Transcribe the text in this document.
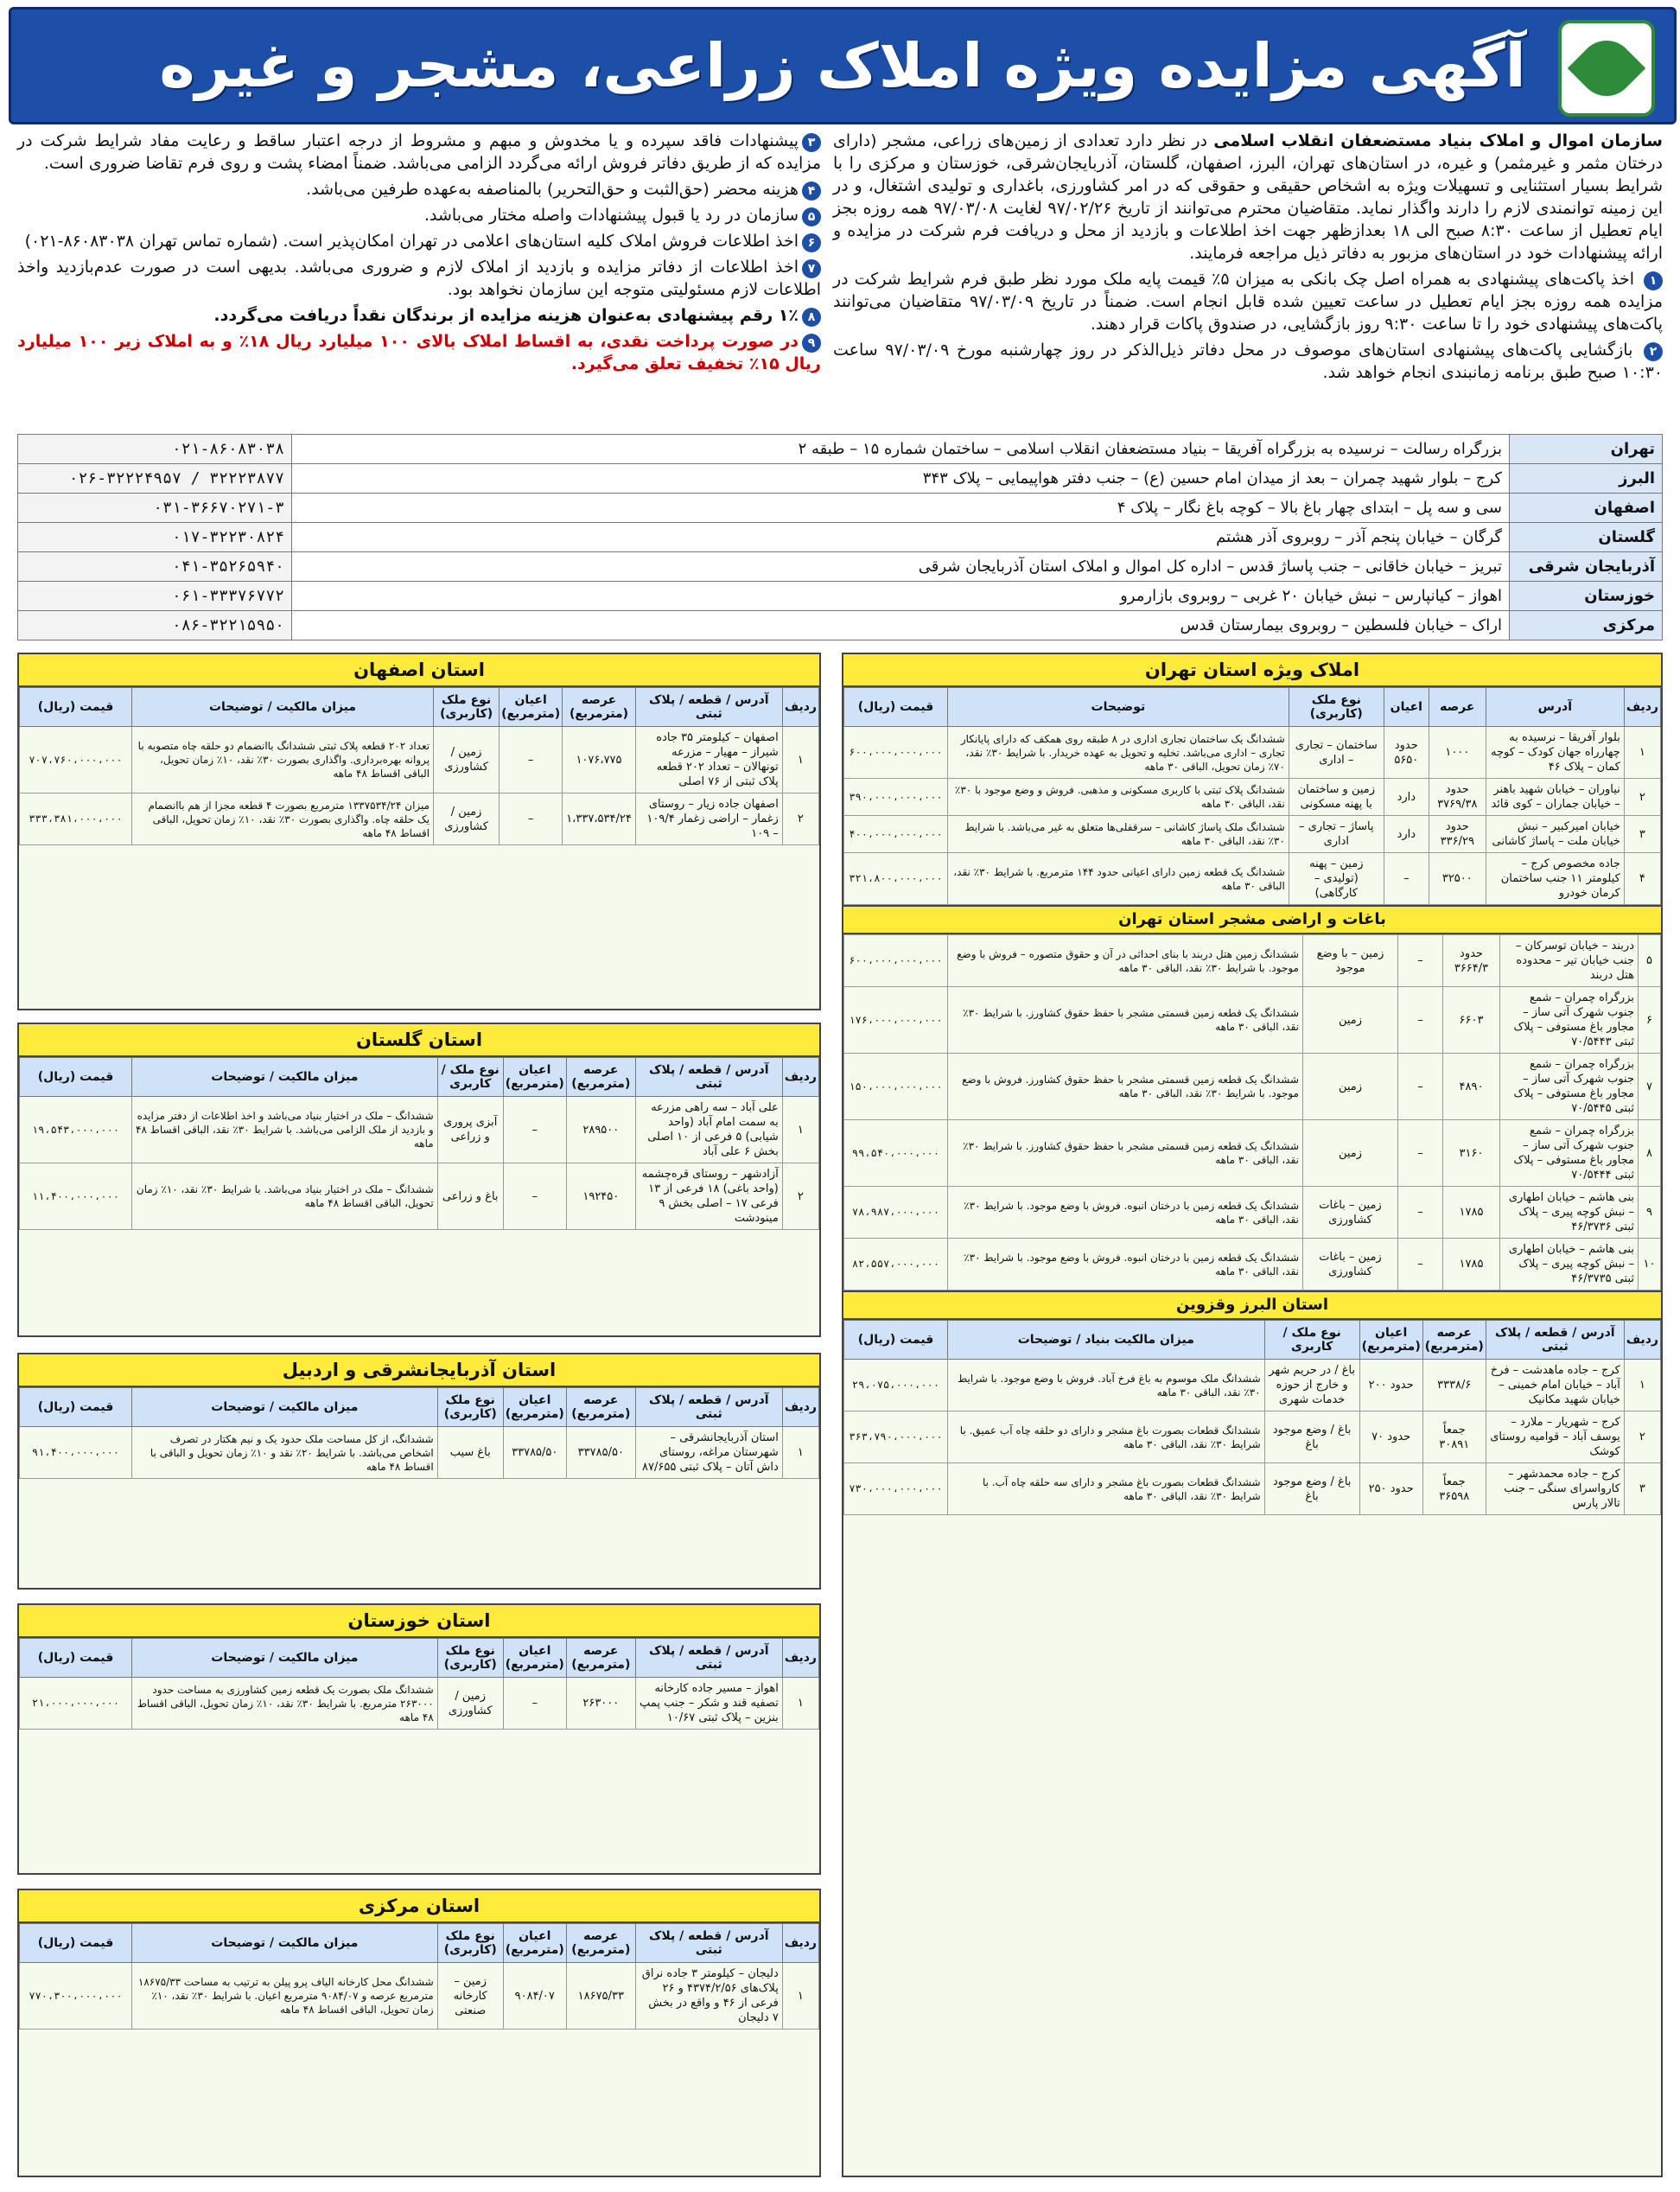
آگهی مزایده ویژه املاک زراعی، مشجر و غیره

سازمان اموال و املاک بنیاد مستضعفان انقلاب اسلامی در نظر دارد تعدادی از زمین‌های زراعی، مشجر (دارای درختان مثمر و غیرمثمر) و غیره، در استان‌های تهران، البرز، اصفهان، گلستان، آذربایجان‌شرقی، خوزستان و مرکزی را با شرایط بسیار استثنایی و تسهیلات ویژه به اشخاص حقیقی و حقوقی که در امر کشاورزی، باغداری و تولیدی اشتغال، و در این زمینه توانمندی لازم را دارند واگذار نماید. متقاضیان محترم می‌توانند از تاریخ ۹۷/۰۲/۲۶ لغایت ۹۷/۰۳/۰۸ همه روزه بجز ایام تعطیل از ساعت ۸:۳۰ صبح الی ۱۸ بعدازظهر جهت اخذ اطلاعات و بازدید از محل و دریافت فرم شرکت در مزایده و ارائه پیشنهادات خود در استان‌های مزبور به دفاتر ذیل مراجعه فرمایند.

۱ اخذ پاکت‌های پیشنهادی به همراه اصل چک بانکی به میزان ۵٪ قیمت پایه ملک مورد نظر طبق فرم شرایط شرکت در مزایده همه روزه بجز ایام تعطیل در ساعت تعیین شده قابل انجام است. ضمناً در تاریخ ۹۷/۰۳/۰۹ متقاضیان می‌توانند پاکت‌های پیشنهادی خود را تا ساعت ۹:۳۰ روز بازگشایی، در صندوق پاکات قرار دهند.

۲ بازگشایی پاکت‌های پیشنهادی استان‌های موصوف در محل دفاتر ذیل‌الذکر در روز چهارشنبه مورخ ۹۷/۰۳/۰۹ ساعت ۱۰:۳۰ صبح طبق برنامه زمانبندی انجام خواهد شد.

۳پیشنهادات فاقد سپرده و یا مخدوش و مبهم و مشروط از درجه اعتبار ساقط و رعایت مفاد شرایط شرکت در مزایده که از طریق دفاتر فروش ارائه می‌گردد الزامی می‌باشد. ضمناً امضاء پشت و روی فرم تقاضا ضروری است.

۴هزینه محضر (حق‌الثبت و حق‌التحریر) بالمناصفه به‌عهده طرفین می‌باشد.

۵سازمان در رد یا قبول پیشنهادات واصله مختار می‌باشد.

۶اخذ اطلاعات فروش املاک کلیه استان‌های اعلامی در تهران امکان‌پذیر است. (شماره تماس تهران ۸۶۰۸۳۰۳۸-۰۲۱)

۷اخذ اطلاعات از دفاتر مزایده و بازدید از املاک لازم و ضروری می‌باشد. بدیهی است در صورت عدم‌بازدید واخذ اطلاعات لازم مسئولیتی متوجه این سازمان نخواهد بود.

۸۱٪ رقم پیشنهادی به‌عنوان هزینه مزایده از برندگان نقداً دریافت می‌گردد.

۹در صورت پرداخت نقدی، به اقساط املاک بالای ۱۰۰ میلیارد ریال ۱۸٪ و به املاک زیر ۱۰۰ میلیارد ریال ۱۵٪ تخفیف تعلق می‌گیرد.

تهران	بزرگراه رسالت – نرسیده به بزرگراه آفریقا – بنیاد مستضعفان انقلاب اسلامی – ساختمان شماره ۱۵ – طبقه ۲	۰۲۱-۸۶۰۸۳۰۳۸
البرز	کرج – بلوار شهید چمران – بعد از میدان امام حسین (ع) – جنب دفتر هواپیمایی – پلاک ۳۴۳	۰۲۶-۳۲۲۲۴۹۵۷ / ۳۲۲۲۳۸۷۷
اصفهان	سی و سه پل – ابتدای چهار باغ بالا – کوچه باغ نگار – پلاک ۴	۰۳۱-۳۶۶۷۰۲۷۱-۳
گلستان	گرگان – خیابان پنجم آذر – روبروی آذر هشتم	۰۱۷-۳۲۲۳۰۸۲۴
آذربایجان شرقی	تبریز – خیابان خاقانی – جنب پاساژ قدس – اداره کل اموال و املاک استان آذربایجان شرقی	۰۴۱-۳۵۲۶۵۹۴۰
خوزستان	اهواز – کیانپارس – نبش خیابان ۲۰ غربی – روبروی بازارمرو	۰۶۱-۳۳۳۷۶۷۷۲
مرکزی	اراک – خیابان فلسطین – روبروی بیمارستان قدس	۰۸۶-۳۲۲۱۵۹۵۰
املاک ویژه استان تهران
ردیف	آدرس	عرصه	اعیان	نوع ملک (کاربری)	توضیحات	قیمت (ریال)
۱	بلوار آفریقا – نرسیده به چهارراه جهان کودک – کوچه کمان – پلاک ۴۶	۱۰۰۰	حدود ۵۶۵۰	ساختمان – تجاری – اداری	ششدانگ یک ساختمان تجاری اداری در ۸ طبقه روی همکف که دارای پایانکار تجاری – اداری می‌باشد. تخلیه و تحویل به عهده خریدار. با شرایط ۳۰٪ نقد، ۷۰٪ زمان تحویل، الباقی ۳۰ ماهه	۶۰۰،۰۰۰،۰۰۰،۰۰۰
۲	نیاوران – خیابان شهید باهنر – خیابان جماران – کوی قائد	حدود ۳۷۶۹/۳۸	دارد	زمین و ساختمان با پهنه مسکونی	ششدانگ پلاک ثبتی با کاربری مسکونی و مذهبی. فروش و وضع موجود با ۳۰٪ نقد، الباقی ۳۰ ماهه	۳۹۰،۰۰۰،۰۰۰،۰۰۰
۳	خیابان امیرکبیر – نبش خیابان ملت – پاساژ کاشانی	حدود ۳۳۶/۲۹	دارد	پاساژ – تجاری – اداری	ششدانگ ملک پاساژ کاشانی – سرقفلی‌ها متعلق به غیر می‌باشد. با شرایط ۳۰٪ نقد، الباقی ۳۰ ماهه	۴۰۰،۰۰۰،۰۰۰،۰۰۰
۴	جاده مخصوص کرج – کیلومتر ۱۱ جنب ساختمان کرمان خودرو	۳۲۵۰۰	–	زمین – پهنه (تولیدی – کارگاهی)	ششدانگ یک قطعه زمین دارای اعیانی حدود ۱۴۴ مترمربع. با شرایط ۳۰٪ نقد، الباقی ۳۰ ماهه	۳۲۱،۸۰۰،۰۰۰،۰۰۰
باغات و اراضی مشجر استان تهران
۵	دربند – خیابان توسرکان – جنب خیابان تیر – محدوده هتل دربند	حدود ۳۶۶۴/۳	–	زمین – با وضع موجود	ششدانگ زمین هتل دربند با بنای احداثی در آن و حقوق متصوره – فروش با وضع موجود. با شرایط ۳۰٪ نقد، الباقی ۳۰ ماهه	۶۰۰،۰۰۰،۰۰۰،۰۰۰
۶	بزرگراه چمران – شمع جنوب شهرک آتی ساز – مجاور باغ مستوفی – پلاک ثبتی ۷۰/۵۴۴۳	۶۶۰۳	–	زمین	ششدانگ یک قطعه زمین قسمتی مشجر با حفظ حقوق کشاورز. با شرایط ۳۰٪ نقد، الباقی ۳۰ ماهه	۱۷۶،۰۰۰،۰۰۰،۰۰۰
۷	بزرگراه چمران – شمع جنوب شهرک آتی ساز – مجاور باغ مستوفی – پلاک ثبتی ۷۰/۵۴۴۵	۴۸۹۰	–	زمین	ششدانگ یک قطعه زمین قسمتی مشجر با حفظ حقوق کشاورز. فروش با وضع موجود. با شرایط ۳۰٪ نقد، الباقی ۳۰ ماهه	۱۵۰،۰۰۰،۰۰۰،۰۰۰
۸	بزرگراه چمران – شمع جنوب شهرک آتی ساز – مجاور باغ مستوفی – پلاک ثبتی ۷۰/۵۴۴۴	۳۱۶۰	–	زمین	ششدانگ یک قطعه زمین قسمتی مشجر با حفظ حقوق کشاورز. با شرایط ۳۰٪ نقد، الباقی ۳۰ ماهه	۹۹،۵۴۰،۰۰۰،۰۰۰
۹	بنی هاشم – خیابان اطهاری – نبش کوچه پیری – پلاک ثبتی ۴۶/۳۷۳۶	۱۷۸۵	–	زمین – باغات کشاورزی	ششدانگ یک قطعه زمین با درختان انبوه. فروش با وضع موجود. با شرایط ۳۰٪ نقد، الباقی ۳۰ ماهه	۷۸،۹۸۷،۰۰۰،۰۰۰
۱۰	بنی هاشم – خیابان اطهاری – نبش کوچه پیری – پلاک ثبتی ۴۶/۳۷۳۵	۱۷۸۵	–	زمین – باغات کشاورزی	ششدانگ یک قطعه زمین با درختان انبوه. فروش با وضع موجود. با شرایط ۳۰٪ نقد، الباقی ۳۰ ماهه	۸۲،۵۵۷،۰۰۰،۰۰۰
استان البرز وقزوین
ردیف	آدرس / قطعه / پلاک ثبتی	عرصه (مترمربع)	اعیان (مترمربع)	نوع ملک / کاربری	میزان مالکیت بنیاد / توضیحات	قیمت (ریال)
۱	کرج – جاده ماهدشت – فرخ آباد – خیابان امام خمینی – خیابان شهید مکانیک	۳۳۳۸/۶	حدود ۲۰۰	باغ / در حریم شهر و خارج از حوزه خدمات شهری	ششدانگ ملک موسوم به باغ فرخ آباد. فروش با وضع موجود. با شرایط ۳۰٪ نقد، الباقی ۳۰ ماهه	۲۹،۰۷۵،۰۰۰،۰۰۰
۲	کرج – شهریار – ملارد – یوسف آباد – قوامیه روستای کوشک	جمعاً ۳۰۸۹۱	حدود ۷۰	باغ / وضع موجود باغ	ششدانگ قطعات بصورت باغ مشجر و دارای دو حلقه چاه آب عمیق. با شرایط ۳۰٪ نقد، الباقی ۳۰ ماهه	۳۶۳،۷۹۰،۰۰۰،۰۰۰
۳	کرج – جاده محمدشهر – کارواسرای سنگی – جنب تالار پارس	جمعاً ۳۶۵۹۸	حدود ۲۵۰	باغ / وضع موجود باغ	ششدانگ قطعات بصورت باغ مشجر و دارای سه حلقه چاه آب. با شرایط ۳۰٪ نقد، الباقی ۳۰ ماهه	۷۳۰،۰۰۰،۰۰۰،۰۰۰
استان اصفهان
ردیف	آدرس / قطعه / پلاک ثبتی	عرصه (مترمربع)	اعیان (مترمربع)	نوع ملک (کاربری)	میزان مالکیت / توضیحات	قیمت (ریال)
۱	اصفهان – کیلومتر ۳۵ جاده شیراز – مهیار – مزرعه تونهالان – تعداد ۲۰۲ قطعه پلاک ثبتی از ۷۶ اصلی	۱۰۷۶،۷۷۵	–	زمین / کشاورزی	تعداد ۲۰۲ قطعه پلاک ثبتی ششدانگ باانضمام دو حلقه چاه متصوبه با پروانه بهره‌برداری. واگذاری بصورت ۳۰٪ نقد، ۱۰٪ زمان تحویل، الباقی اقساط ۴۸ ماهه	۷۰۷،۷۶۰،۰۰۰،۰۰۰
۲	اصفهان جاده زیار – روستای زغمار – اراضی زغمار ۱۰۹/۴ – ۱۰۹	۱،۳۳۷،۵۳۴/۲۴	–	زمین / کشاورزی	میزان ۱۳۳۷۵۳۴/۲۴ مترمربع بصورت ۴ قطعه مجزا از هم باانضمام یک حلقه چاه. واگذاری بصورت ۳۰٪ نقد، ۱۰٪ زمان تحویل، الباقی اقساط ۴۸ ماهه	۳۳۳،۳۸۱،۰۰۰،۰۰۰
استان گلستان
ردیف	آدرس / قطعه / پلاک ثبتی	عرصه (مترمربع)	اعیان (مترمربع)	نوع ملک / کاربری	میزان مالکیت / توضیحات	قیمت (ریال)
۱	علی آباد – سه راهی مزرعه به سمت امام آباد (واحد شیابی) ۵ فرعی از ۱۰ اصلی بخش ۶ علی آباد	۲۸۹۵۰۰	–	آبزی پروری و زراعی	ششدانگ – ملک در اختیار بنیاد می‌باشد و اخذ اطلاعات از دفتر مزایده و بازدید از ملک الزامی می‌باشد. با شرایط ۳۰٪ نقد، الباقی اقساط ۴۸ ماهه	۱۹،۵۴۳،۰۰۰،۰۰۰
۲	آزادشهر – روستای قره‌چشمه (واحد باغی) ۱۸ فرعی از ۱۳ فرعی ۱۷ – اصلی بخش ۹ مینودشت	۱۹۲۴۵۰	–	باغ و زراعی	ششدانگ – ملک در اختیار بنیاد می‌باشد. با شرایط ۳۰٪ نقد، ۱۰٪ زمان تحویل، الباقی اقساط ۴۸ ماهه	۱۱،۴۰۰،۰۰۰،۰۰۰
استان آذربایجانشرقی و اردبیل
ردیف	آدرس / قطعه / پلاک ثبتی	عرصه (مترمربع)	اعیان (مترمربع)	نوع ملک (کاربری)	میزان مالکیت / توضیحات	قیمت (ریال)
۱	استان آذربایجانشرقی – شهرستان مراغه، روستای داش آتان – پلاک ثبتی ۸۷/۶۵۵	۳۳۷۸۵/۵۰	۳۳۷۸۵/۵۰	باغ سیب	ششدانگ، از کل مساحت ملک حدود یک و نیم هکتار در تصرف اشخاص می‌باشد. با شرایط ۲۰٪ نقد و ۱۰٪ زمان تحویل و الباقی با اقساط ۴۸ ماهه	۹۱،۴۰۰،۰۰۰،۰۰۰
استان خوزستان
ردیف	آدرس / قطعه / پلاک ثبتی	عرصه (مترمربع)	اعیان (مترمربع)	نوع ملک (کاربری)	میزان مالکیت / توضیحات	قیمت (ریال)
۱	اهواز – مسیر جاده کارخانه تصفیه قند و شکر – جنب پمپ بنزین – پلاک ثبتی ۱۰/۶۷	۲۶۳۰۰۰	–	زمین / کشاورزی	ششدانگ ملک بصورت یک قطعه زمین کشاورزی به مساحت حدود ۲۶۳۰۰۰ مترمربع. با شرایط ۳۰٪ نقد، ۱۰٪ زمان تحویل، الباقی اقساط ۴۸ ماهه	۲۱،۰۰۰،۰۰۰،۰۰۰
استان مرکزی
ردیف	آدرس / قطعه / پلاک ثبتی	عرصه (مترمربع)	اعیان (مترمربع)	نوع ملک (کاربری)	میزان مالکیت / توضیحات	قیمت (ریال)
۱	دلیجان – کیلومتر ۳ جاده نراق پلاک‌های ۴۳۷۴/۲/۵۶ و ۲۶ فرعی از ۴۶ و واقع در بخش ۷ دلیجان	۱۸۶۷۵/۳۳	۹۰۸۴/۰۷	زمین – کارخانه صنعتی	ششدانگ محل کارخانه الیاف پرو پیلن به ترتیب به مساحت ۱۸۶۷۵/۳۳ مترمربع عرصه و ۹۰۸۴/۰۷ مترمربع اعیان. با شرایط ۳۰٪ نقد، ۱۰٪ زمان تحویل، الباقی اقساط ۴۸ ماهه	۷۷۰،۳۰۰،۰۰۰،۰۰۰
